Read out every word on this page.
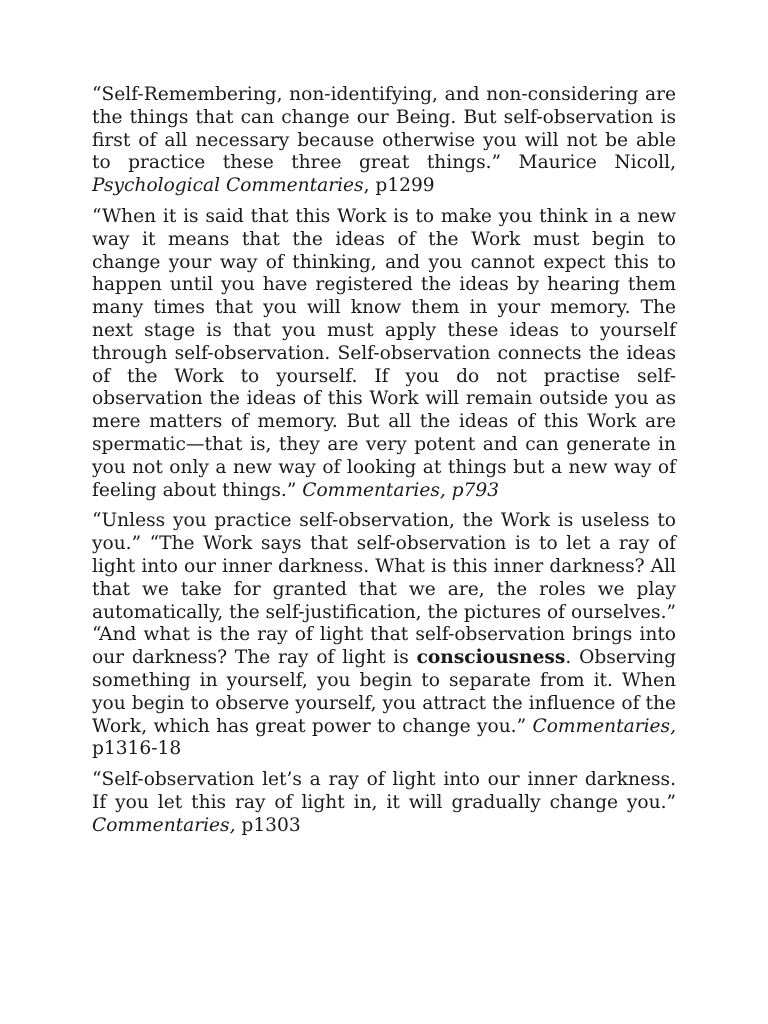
“Self-Remembering, non-identifying, and non-considering are the things that can change our Being. But self-observation is first of all necessary because otherwise you will not be able to practice these three great things.” Maurice Nicoll, Psychological Commentaries, p1299

“When it is said that this Work is to make you think in a new way it means that the ideas of the Work must begin to change your way of thinking, and you cannot expect this to happen until you have registered the ideas by hearing them many times that you will know them in your memory. The next stage is that you must apply these ideas to yourself through self-observation. Self-observation connects the ideas of the Work to yourself. If you do not practise self-observation the ideas of this Work will remain outside you as mere matters of memory. But all the ideas of this Work are spermatic—that is, they are very potent and can generate in you not only a new way of looking at things but a new way of feeling about things.” Commentaries, p793

“Unless you practice self-observation, the Work is useless to you.” “The Work says that self-observation is to let a ray of light into our inner darkness. What is this inner darkness? All that we take for granted that we are, the roles we play automatically, the self-justification, the pictures of ourselves.” “And what is the ray of light that self-observation brings into our darkness? The ray of light is consciousness. Observing something in yourself, you begin to separate from it. When you begin to observe yourself, you attract the influence of the Work, which has great power to change you.” Commentaries, p1316-18

“Self-observation let’s a ray of light into our inner darkness. If you let this ray of light in, it will gradually change you.” Commentaries, p1303
